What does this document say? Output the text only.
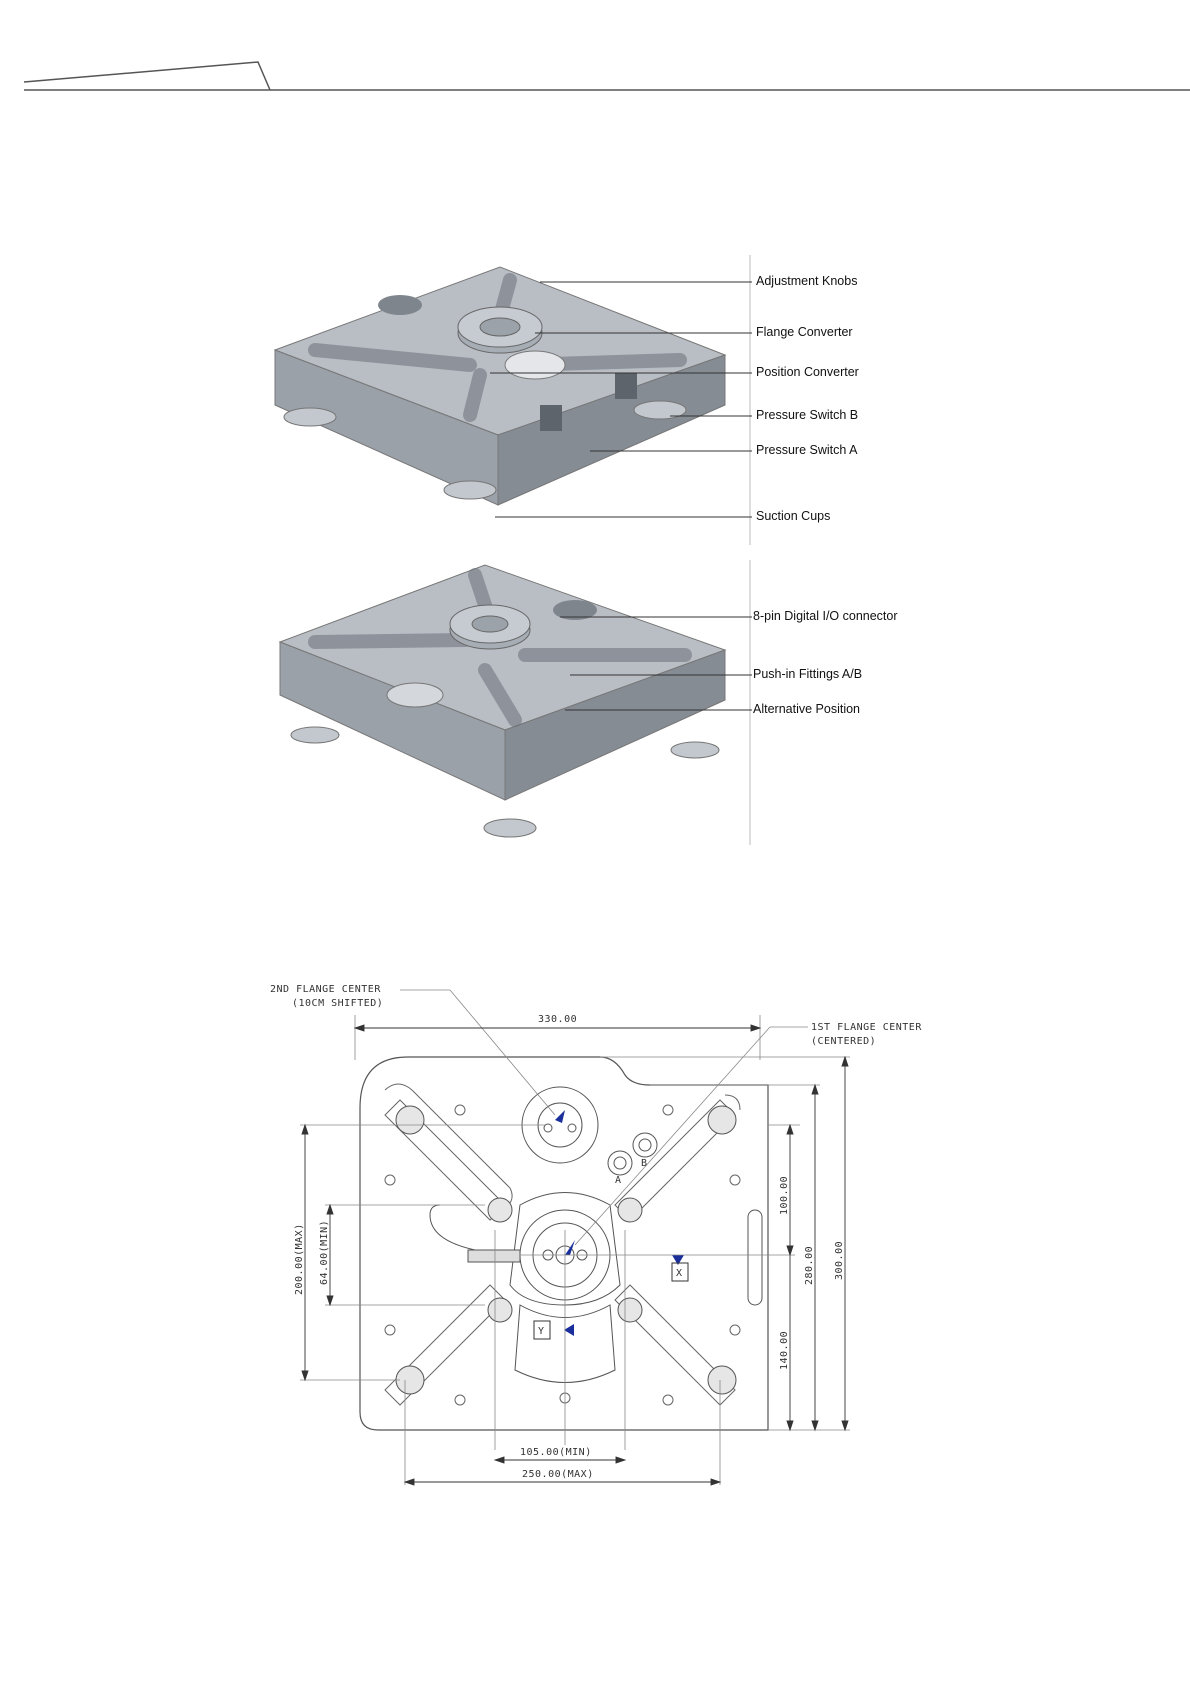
Adjustment Knobs
Flange Converter
Position Converter
Pressure Switch B
Pressure Switch A
Suction Cups
8-pin Digital I/O connector
Push-in Fittings A/B
Alternative Position
2ND FLANGE CENTER
(10CM SHIFTED)
1ST FLANGE CENTER
(CENTERED)
330.00
300.00
280.00
100.00
140.00
200.00(MAX) 64.00(MIN)
105.00(MIN)
250.00(MAX)
A
B
X
Y
